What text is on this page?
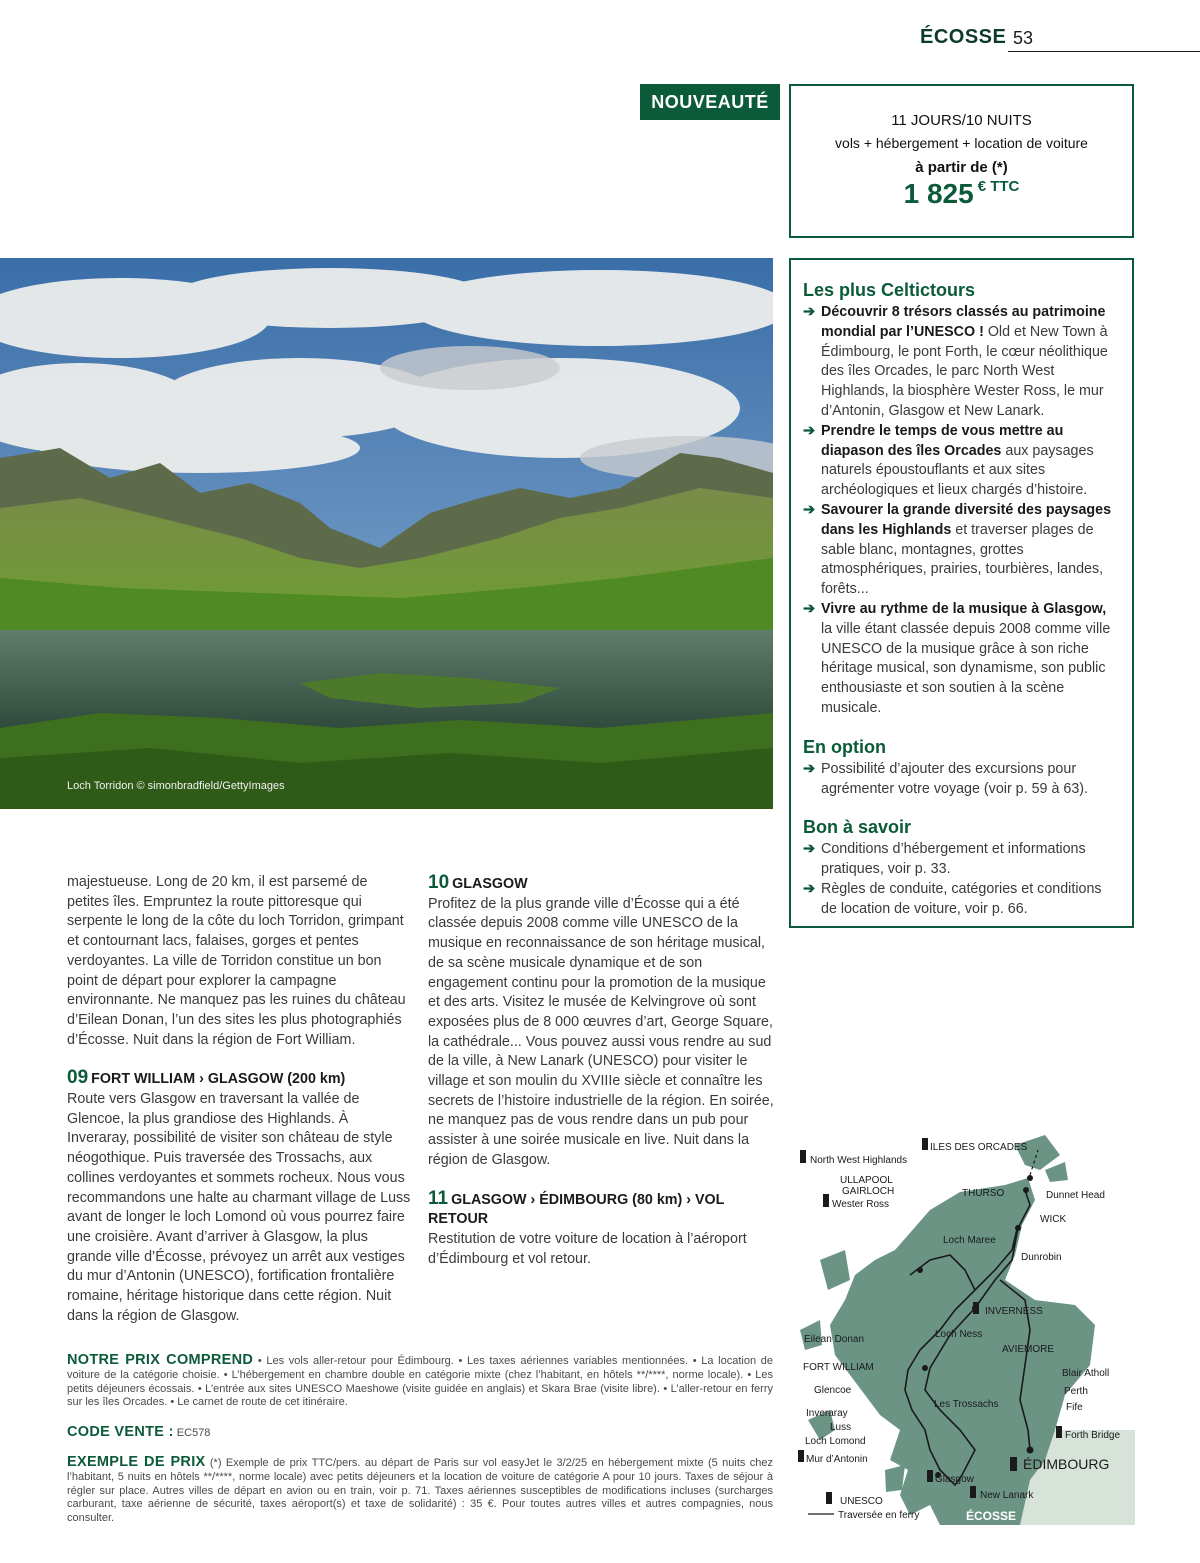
ÉCOSSE 53
NOUVEAUTÉ
11 JOURS/10 NUITS
vols + hébergement + location de voiture
à partir de (*)
1 825 € TTC
Loch Torridon © simonbradfield/GettyImages
Les plus Celtictours
➔ Découvrir 8 trésors classés au patrimoine mondial par l’UNESCO ! Old et New Town à Édimbourg, le pont Forth, le cœur néolithique des îles Orcades, le parc North West Highlands, la biosphère Wester Ross, le mur d’Antonin, Glasgow et New Lanark.
➔ Prendre le temps de vous mettre au diapason des îles Orcades aux paysages naturels époustouflants et aux sites archéologiques et lieux chargés d’histoire.
➔ Savourer la grande diversité des paysages dans les Highlands et traverser plages de sable blanc, montagnes, grottes atmosphériques, prairies, tourbières, landes, forêts...
➔ Vivre au rythme de la musique à Glasgow, la ville étant classée depuis 2008 comme ville UNESCO de la musique grâce à son riche héritage musical, son dynamisme, son public enthousiaste et son soutien à la scène musicale.
En option
➔ Possibilité d’ajouter des excursions pour agrémenter votre voyage (voir p. 59 à 63).
Bon à savoir
➔ Conditions d’hébergement et informations pratiques, voir p. 33.
➔ Règles de conduite, catégories et conditions de location de voiture, voir p. 66.

majestueuse. Long de 20 km, il est parsemé de petites îles. Empruntez la route pittoresque qui serpente le long de la côte du loch Torridon, grimpant et contournant lacs, falaises, gorges et pentes verdoyantes. La ville de Torridon constitue un bon point de départ pour explorer la campagne environnante. Ne manquez pas les ruines du château d’Eilean Donan, l’un des sites les plus photographiés d’Écosse. Nuit dans la région de Fort William.

09 FORT WILLIAM › GLASGOW (200 km)

Route vers Glasgow en traversant la vallée de Glencoe, la plus grandiose des Highlands. À Inveraray, possibilité de visiter son château de style néogothique. Puis traversée des Trossachs, aux collines verdoyantes et sommets rocheux. Nous vous recommandons une halte au charmant village de Luss avant de longer le loch Lomond où vous pourrez faire une croisière. Avant d’arriver à Glasgow, la plus grande ville d’Écosse, prévoyez un arrêt aux vestiges du mur d’Antonin (UNESCO), fortification frontalière romaine, héritage historique dans cette région. Nuit dans la région de Glasgow.

10 GLASGOW

Profitez de la plus grande ville d’Écosse qui a été classée depuis 2008 comme ville UNESCO de la musique en reconnaissance de son héritage musical, de sa scène musicale dynamique et de son engagement continu pour la promotion de la musique et des arts. Visitez le musée de Kelvingrove où sont exposées plus de 8 000 œuvres d’art, George Square, la cathédrale... Vous pouvez aussi vous rendre au sud de la ville, à New Lanark (UNESCO) pour visiter le village et son moulin du XVIIIe siècle et connaître les secrets de l’histoire industrielle de la région. En soirée, ne manquez pas de vous rendre dans un pub pour assister à une soirée musicale en live. Nuit dans la région de Glasgow.

11 GLASGOW › ÉDIMBOURG (80 km) › VOL RETOUR

Restitution de votre voiture de location à l’aéroport d’Édimbourg et vol retour.

NOTRE PRIX COMPREND • Les vols aller-retour pour Édimbourg. • Les taxes aériennes variables mentionnées. • La location de voiture de la catégorie choisie. • L’hébergement en chambre double en catégorie mixte (chez l’habitant, en hôtels **/****, norme locale). • Les petits déjeuners écossais. • L’entrée aux sites UNESCO Maeshowe (visite guidée en anglais) et Skara Brae (visite libre). • L’aller-retour en ferry sur les îles Orcades. • Le carnet de route de cet itinéraire.
CODE VENTE : EC578
EXEMPLE DE PRIX (*) Exemple de prix TTC/pers. au départ de Paris sur vol easyJet le 3/2/25 en hébergement mixte (5 nuits chez l’habitant, 5 nuits en hôtels **/****, norme locale) avec petits déjeuners et la location de voiture de catégorie A pour 10 jours. Taxes de séjour à régler sur place. Autres villes de départ en avion ou en train, voir p. 71. Taxes aériennes susceptibles de modifications incluses (surcharges carburant, taxe aérienne de sécurité, taxes aéroport(s) et taxe de solidarité) : 35 €. Pour toutes autres villes et autres compagnies, nous consulter.
ILES DES ORCADES
North West Highlands
ULLAPOOL
GAIRLOCH
Wester Ross
THURSO	Dunnet Head
WICK
Loch Maree
Dunrobin
INVERNESS
Loch Ness
Eilean Donan
AVIEMORE
FORT WILLIAM
Blair Atholl
Glencoe	Perth
Les Trossachs	Fife
Inveraray
Luss
Loch Lomond
Forth Bridge
Mur d’Antonin	ÉDIMBOURG
Glasgow
New Lanark
UNESCO
Traversée en ferry	ÉCOSSE
